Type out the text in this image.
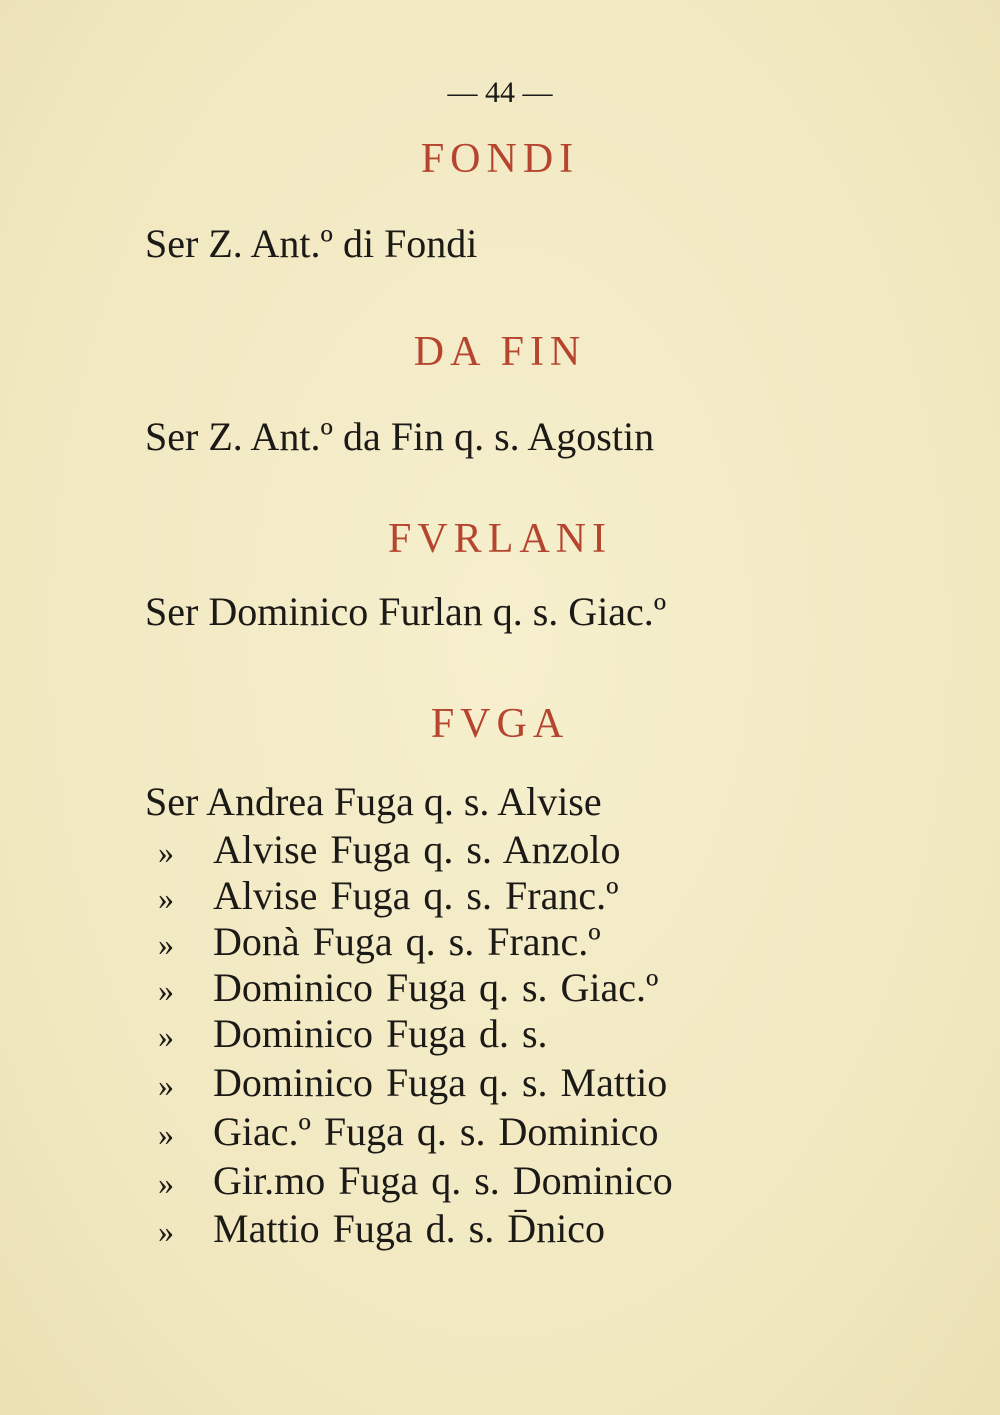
— 44 —
FONDI
Ser Z. Ant.º di Fondi
DA FIN
Ser Z. Ant.º da Fin q. s. Agostin
FVRLANI
Ser Dominico Furlan q. s. Giac.º
FVGA
Ser Andrea Fuga q. s. Alvise
» Alvise Fuga q. s. Anzolo
» Alvise Fuga q. s. Franc.º
» Donà Fuga q. s. Franc.º
» Dominico Fuga q. s. Giac.º
» Dominico Fuga d. s.
» Dominico Fuga q. s. Mattio
» Giac.º Fuga q. s. Dominico
» Gir.mo Fuga q. s. Dominico
» Mattio Fuga d. s. D̄nico
